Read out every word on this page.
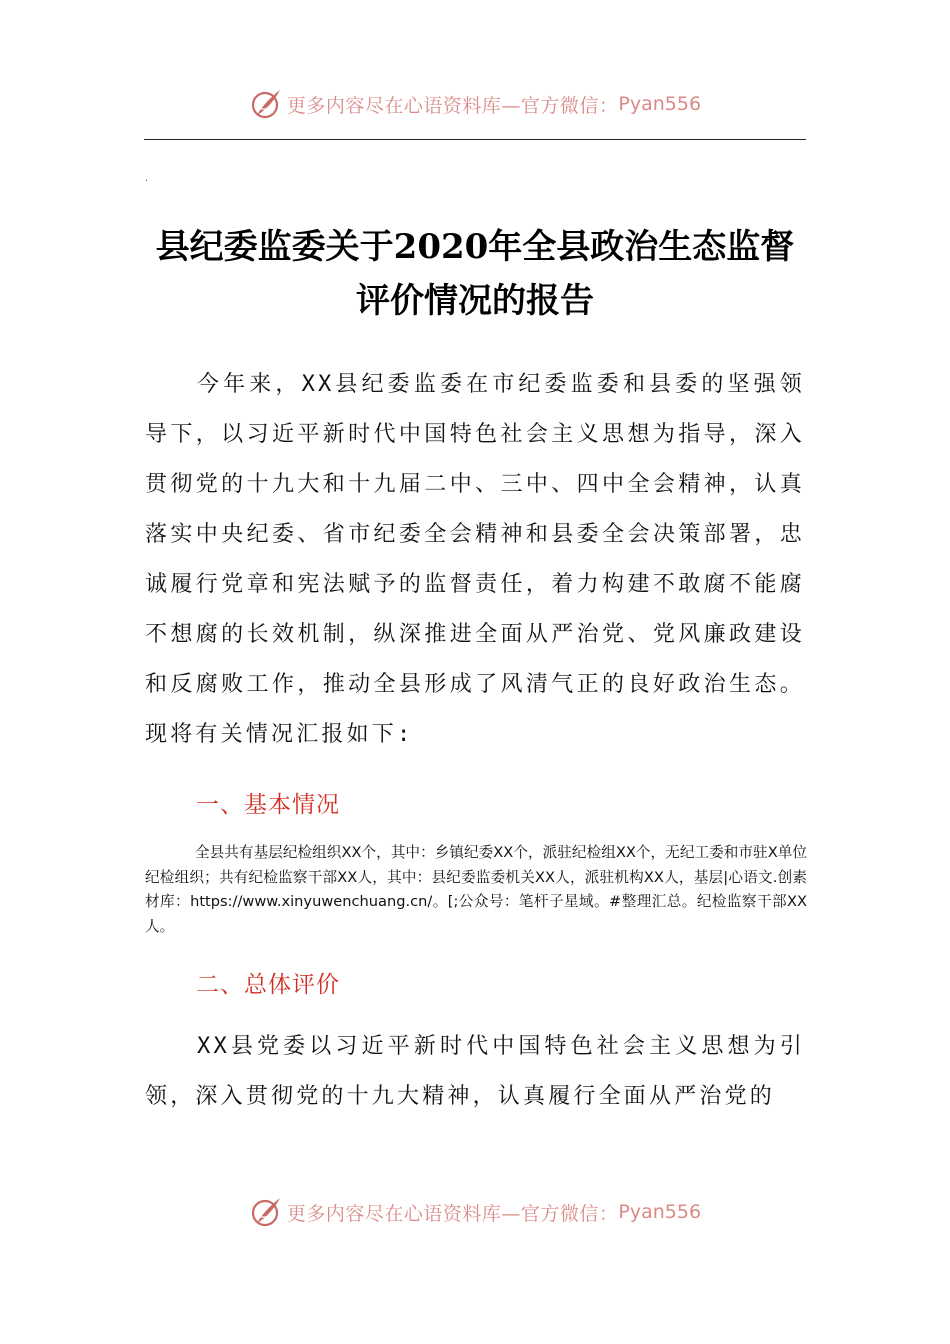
更多内容尽在心语资料库—官方微信： Pyan556
·
县纪委监委关于2020年全县政治生态监督
评价情况的报告

今年来，XX县纪委监委在市纪委监委和县委的坚强领导下，以习近平新时代中国特色社会主义思想为指导，深入贯彻党的十九大和十九届二中、三中、四中全会精神，认真落实中央纪委、省市纪委全会精神和县委全会决策部署，忠诚履行党章和宪法赋予的监督责任，着力构建不敢腐不能腐不想腐的长效机制，纵深推进全面从严治党、党风廉政建设和反腐败工作，推动全县形成了风清气正的良好政治生态。现将有关情况汇报如下:

一、基本情况

全县共有基层纪检组织XX个，其中：乡镇纪委XX个，派驻纪检组XX个，无纪工委和市驻X单位纪检组织；共有纪检监察干部XX人，其中：县纪委监委机关XX人，派驻机构XX人，基层|心语文.创素材库：https://www.xinyuwenchuang.cn/。[;公众号：笔杆子星域。#整理汇总。纪检监察干部XX人。

二、总体评价

XX县党委以习近平新时代中国特色社会主义思想为引领，深入贯彻党的十九大精神，认真履行全面从严治党的

更多内容尽在心语资料库—官方微信： Pyan556
